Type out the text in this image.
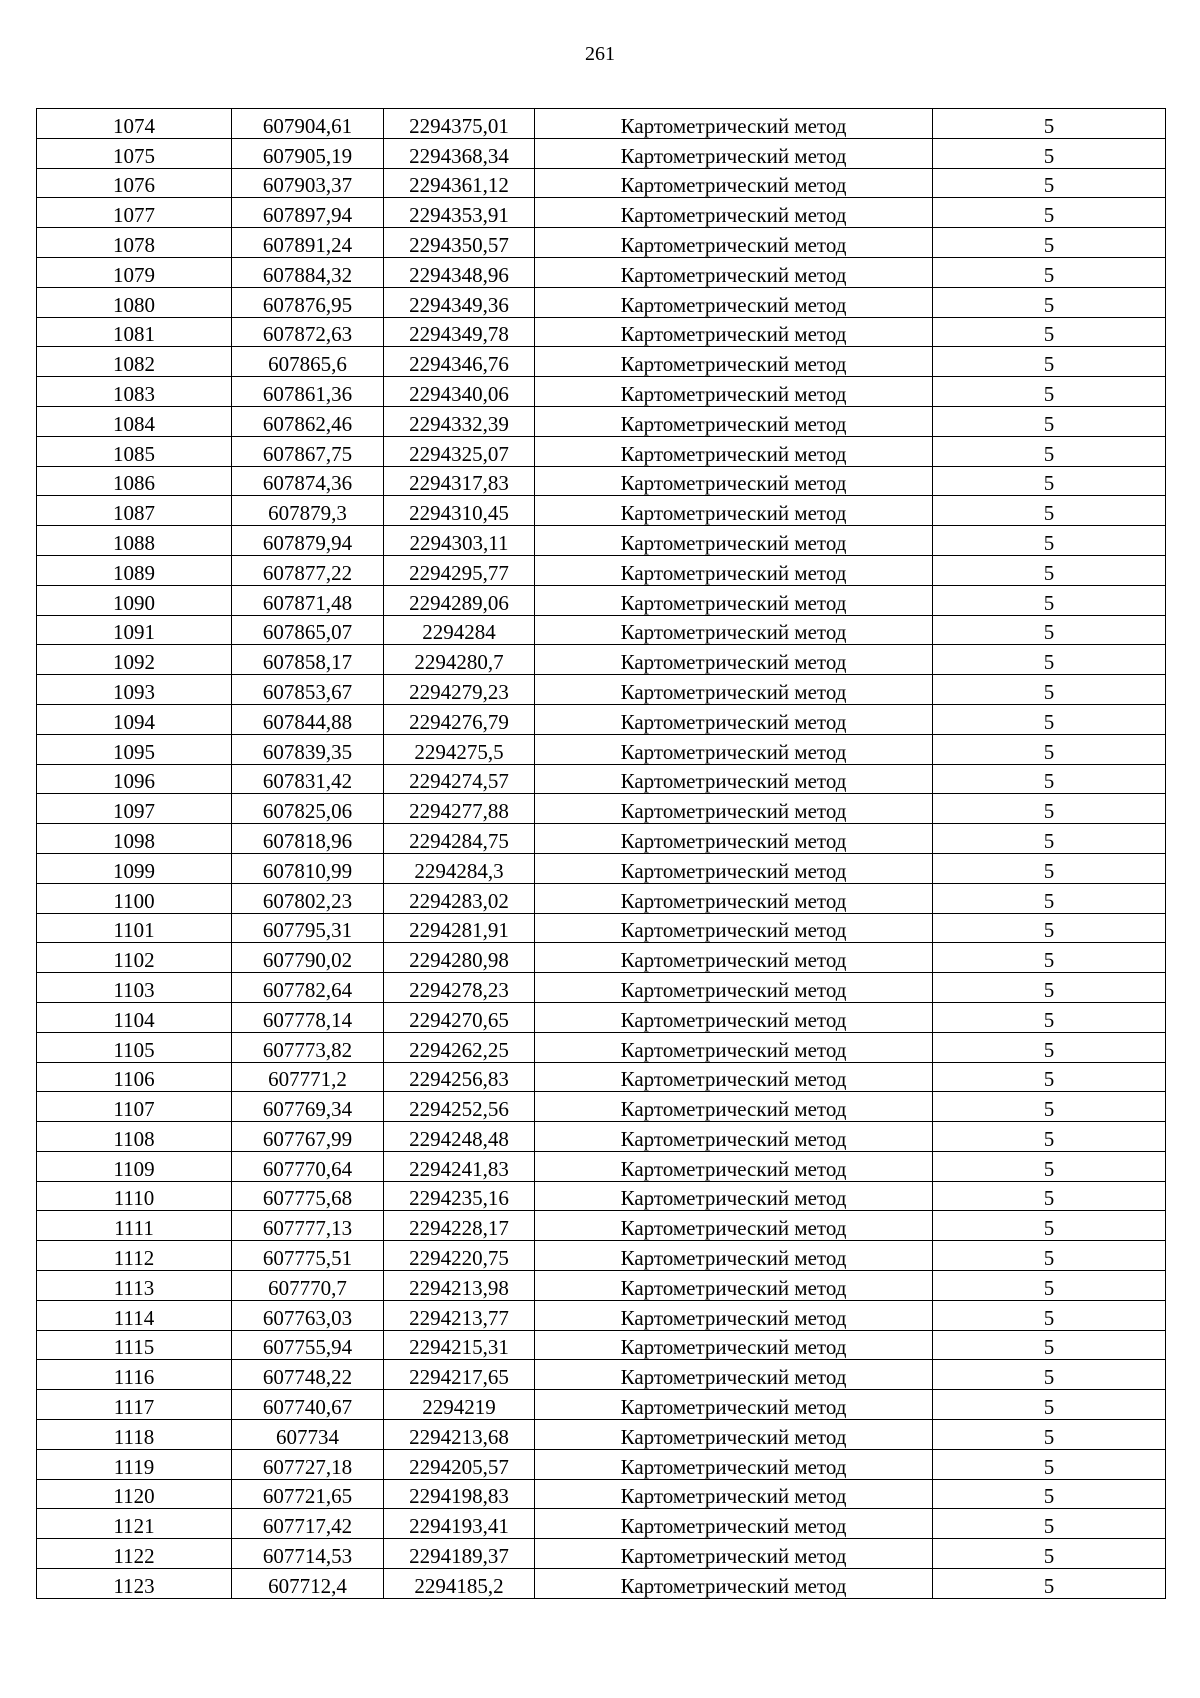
261
1074	607904,61	2294375,01	Картометрический метод	5
1075	607905,19	2294368,34	Картометрический метод	5
1076	607903,37	2294361,12	Картометрический метод	5
1077	607897,94	2294353,91	Картометрический метод	5
1078	607891,24	2294350,57	Картометрический метод	5
1079	607884,32	2294348,96	Картометрический метод	5
1080	607876,95	2294349,36	Картометрический метод	5
1081	607872,63	2294349,78	Картометрический метод	5
1082	607865,6	2294346,76	Картометрический метод	5
1083	607861,36	2294340,06	Картометрический метод	5
1084	607862,46	2294332,39	Картометрический метод	5
1085	607867,75	2294325,07	Картометрический метод	5
1086	607874,36	2294317,83	Картометрический метод	5
1087	607879,3	2294310,45	Картометрический метод	5
1088	607879,94	2294303,11	Картометрический метод	5
1089	607877,22	2294295,77	Картометрический метод	5
1090	607871,48	2294289,06	Картометрический метод	5
1091	607865,07	2294284	Картометрический метод	5
1092	607858,17	2294280,7	Картометрический метод	5
1093	607853,67	2294279,23	Картометрический метод	5
1094	607844,88	2294276,79	Картометрический метод	5
1095	607839,35	2294275,5	Картометрический метод	5
1096	607831,42	2294274,57	Картометрический метод	5
1097	607825,06	2294277,88	Картометрический метод	5
1098	607818,96	2294284,75	Картометрический метод	5
1099	607810,99	2294284,3	Картометрический метод	5
1100	607802,23	2294283,02	Картометрический метод	5
1101	607795,31	2294281,91	Картометрический метод	5
1102	607790,02	2294280,98	Картометрический метод	5
1103	607782,64	2294278,23	Картометрический метод	5
1104	607778,14	2294270,65	Картометрический метод	5
1105	607773,82	2294262,25	Картометрический метод	5
1106	607771,2	2294256,83	Картометрический метод	5
1107	607769,34	2294252,56	Картометрический метод	5
1108	607767,99	2294248,48	Картометрический метод	5
1109	607770,64	2294241,83	Картометрический метод	5
1110	607775,68	2294235,16	Картометрический метод	5
1111	607777,13	2294228,17	Картометрический метод	5
1112	607775,51	2294220,75	Картометрический метод	5
1113	607770,7	2294213,98	Картометрический метод	5
1114	607763,03	2294213,77	Картометрический метод	5
1115	607755,94	2294215,31	Картометрический метод	5
1116	607748,22	2294217,65	Картометрический метод	5
1117	607740,67	2294219	Картометрический метод	5
1118	607734	2294213,68	Картометрический метод	5
1119	607727,18	2294205,57	Картометрический метод	5
1120	607721,65	2294198,83	Картометрический метод	5
1121	607717,42	2294193,41	Картометрический метод	5
1122	607714,53	2294189,37	Картометрический метод	5
1123	607712,4	2294185,2	Картометрический метод	5
